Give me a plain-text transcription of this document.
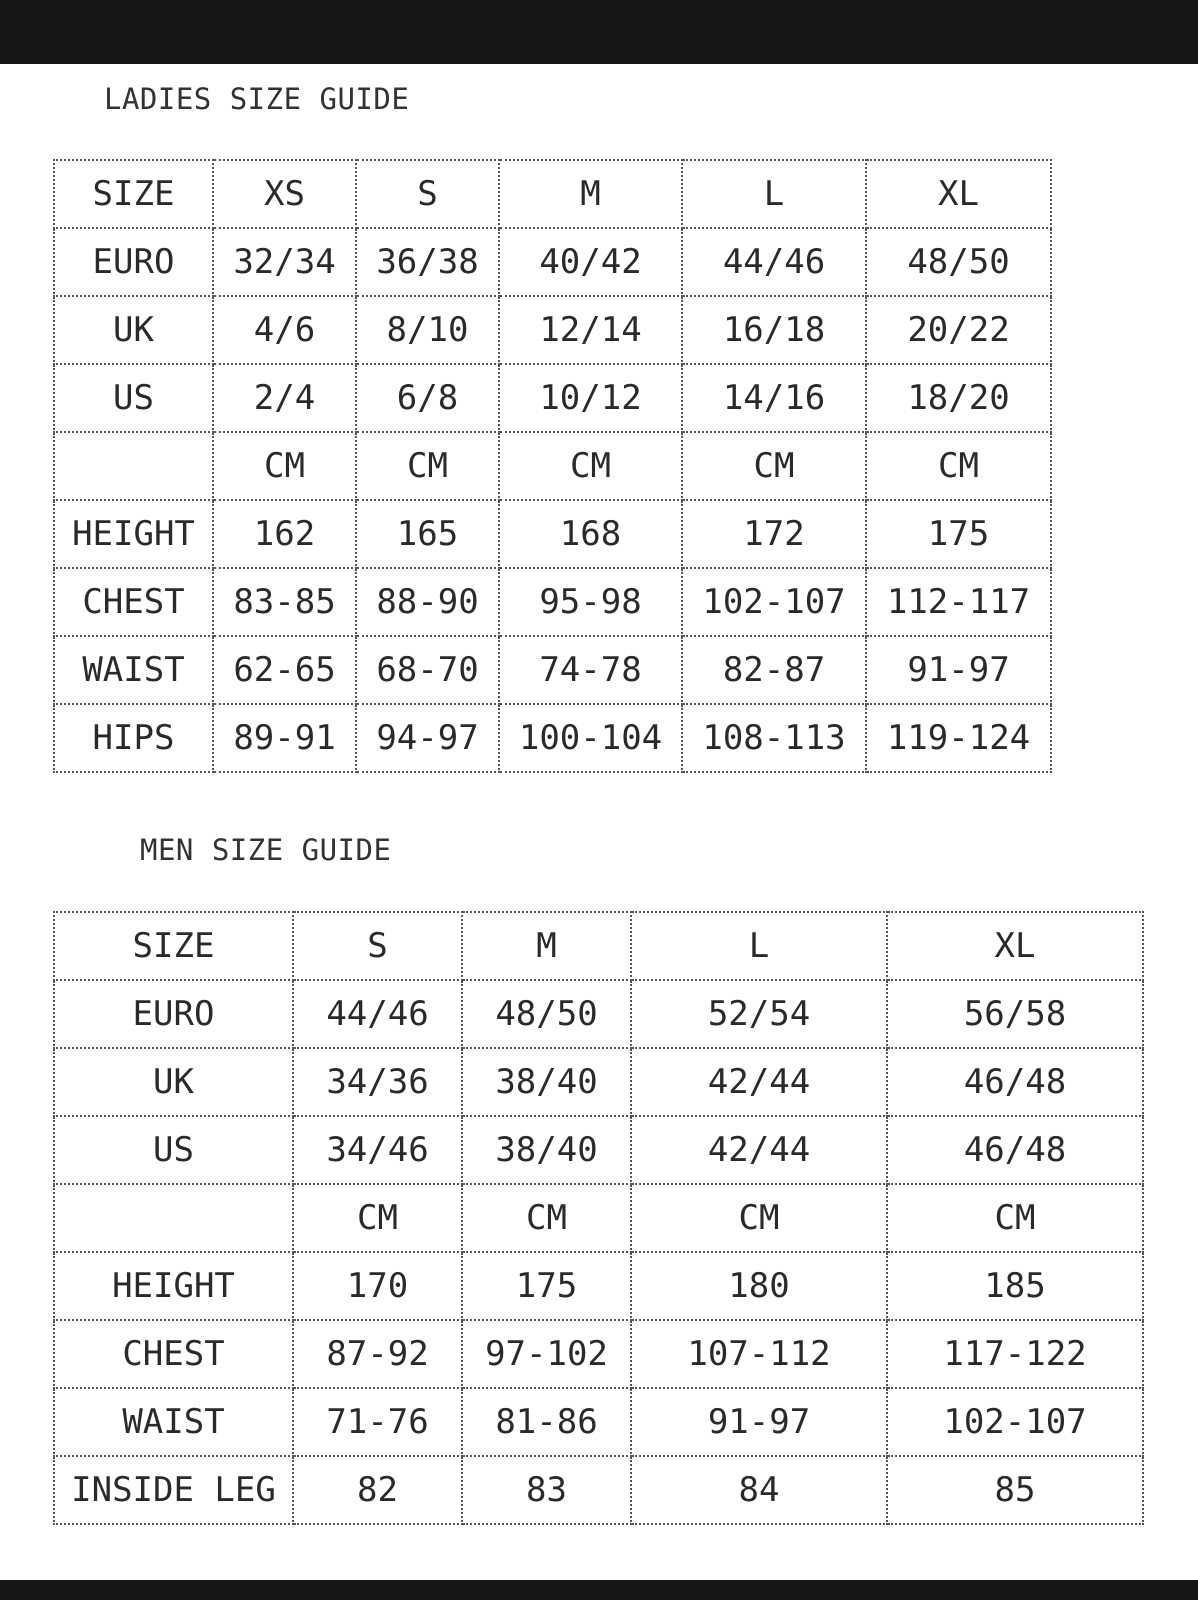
LADIES SIZE GUIDE
SIZE	XS	S	M	L	XL
EURO	32/34	36/38	40/42	44/46	48/50
UK	4/6	8/10	12/14	16/18	20/22
US	2/4	6/8	10/12	14/16	18/20
	CM	CM	CM	CM	CM
HEIGHT	162	165	168	172	175
CHEST	83-85	88-90	95-98	102-107	112-117
WAIST	62-65	68-70	74-78	82-87	91-97
HIPS	89-91	94-97	100-104	108-113	119-124
MEN SIZE GUIDE
SIZE	S	M	L	XL
EURO	44/46	48/50	52/54	56/58
UK	34/36	38/40	42/44	46/48
US	34/46	38/40	42/44	46/48
	CM	CM	CM	CM
HEIGHT	170	175	180	185
CHEST	87-92	97-102	107-112	117-122
WAIST	71-76	81-86	91-97	102-107
INSIDE LEG	82	83	84	85
